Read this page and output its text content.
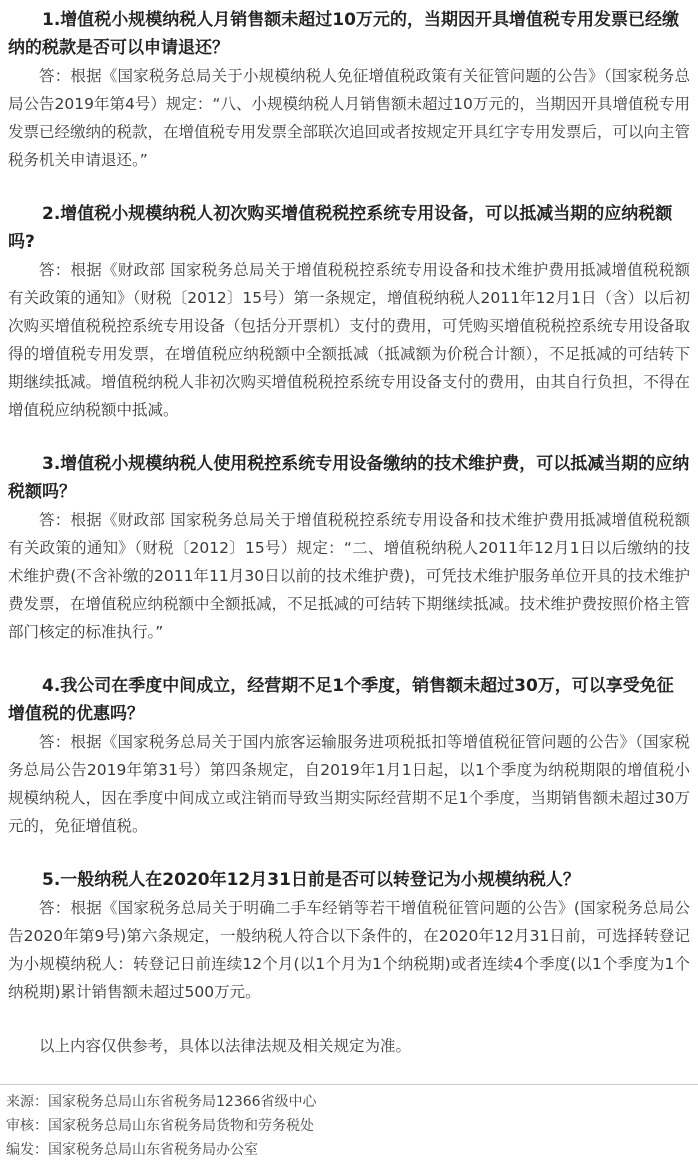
1.增值税小规模纳税人月销售额未超过10万元的，当期因开具增值税专用发票已经缴纳的税款是否可以申请退还？

答：根据《国家税务总局关于小规模纳税人免征增值税政策有关征管问题的公告》（国家税务总局公告2019年第4号）规定：“八、小规模纳税人月销售额未超过10万元的，当期因开具增值税专用发票已经缴纳的税款，在增值税专用发票全部联次追回或者按规定开具红字专用发票后，可以向主管税务机关申请退还。”

2.增值税小规模纳税人初次购买增值税税控系统专用设备，可以抵减当期的应纳税额吗?

答：根据《财政部 国家税务总局关于增值税税控系统专用设备和技术维护费用抵减增值税税额有关政策的通知》（财税〔2012〕15号）第一条规定，增值税纳税人2011年12月1日（含）以后初次购买增值税税控系统专用设备（包括分开票机）支付的费用，可凭购买增值税税控系统专用设备取得的增值税专用发票，在增值税应纳税额中全额抵减（抵减额为价税合计额），不足抵减的可结转下期继续抵减。增值税纳税人非初次购买增值税税控系统专用设备支付的费用，由其自行负担，不得在增值税应纳税额中抵减。

3.增值税小规模纳税人使用税控系统专用设备缴纳的技术维护费，可以抵减当期的应纳税额吗？

答：根据《财政部 国家税务总局关于增值税税控系统专用设备和技术维护费用抵减增值税税额有关政策的通知》（财税〔2012〕15号）规定：“二、增值税纳税人2011年12月1日以后缴纳的技术维护费(不含补缴的2011年11月30日以前的技术维护费)，可凭技术维护服务单位开具的技术维护费发票，在增值税应纳税额中全额抵减，不足抵减的可结转下期继续抵减。技术维护费按照价格主管部门核定的标准执行。”

4.我公司在季度中间成立，经营期不足1个季度，销售额未超过30万，可以享受免征增值税的优惠吗？

答：根据《国家税务总局关于国内旅客运输服务进项税抵扣等增值税征管问题的公告》（国家税务总局公告2019年第31号）第四条规定，自2019年1月1日起，以1个季度为纳税期限的增值税小规模纳税人，因在季度中间成立或注销而导致当期实际经营期不足1个季度，当期销售额未超过30万元的，免征增值税。

5.一般纳税人在2020年12月31日前是否可以转登记为小规模纳税人？

答：根据《国家税务总局关于明确二手车经销等若干增值税征管问题的公告》(国家税务总局公告2020年第9号)第六条规定，一般纳税人符合以下条件的，在2020年12月31日前，可选择转登记为小规模纳税人：转登记日前连续12个月(以1个月为1个纳税期)或者连续4个季度(以1个季度为1个纳税期)累计销售额未超过500万元。

以上内容仅供参考，具体以法律法规及相关规定为准。

来源：国家税务总局山东省税务局12366省级中心

审核：国家税务总局山东省税务局货物和劳务税处

编发：国家税务总局山东省税务局办公室
